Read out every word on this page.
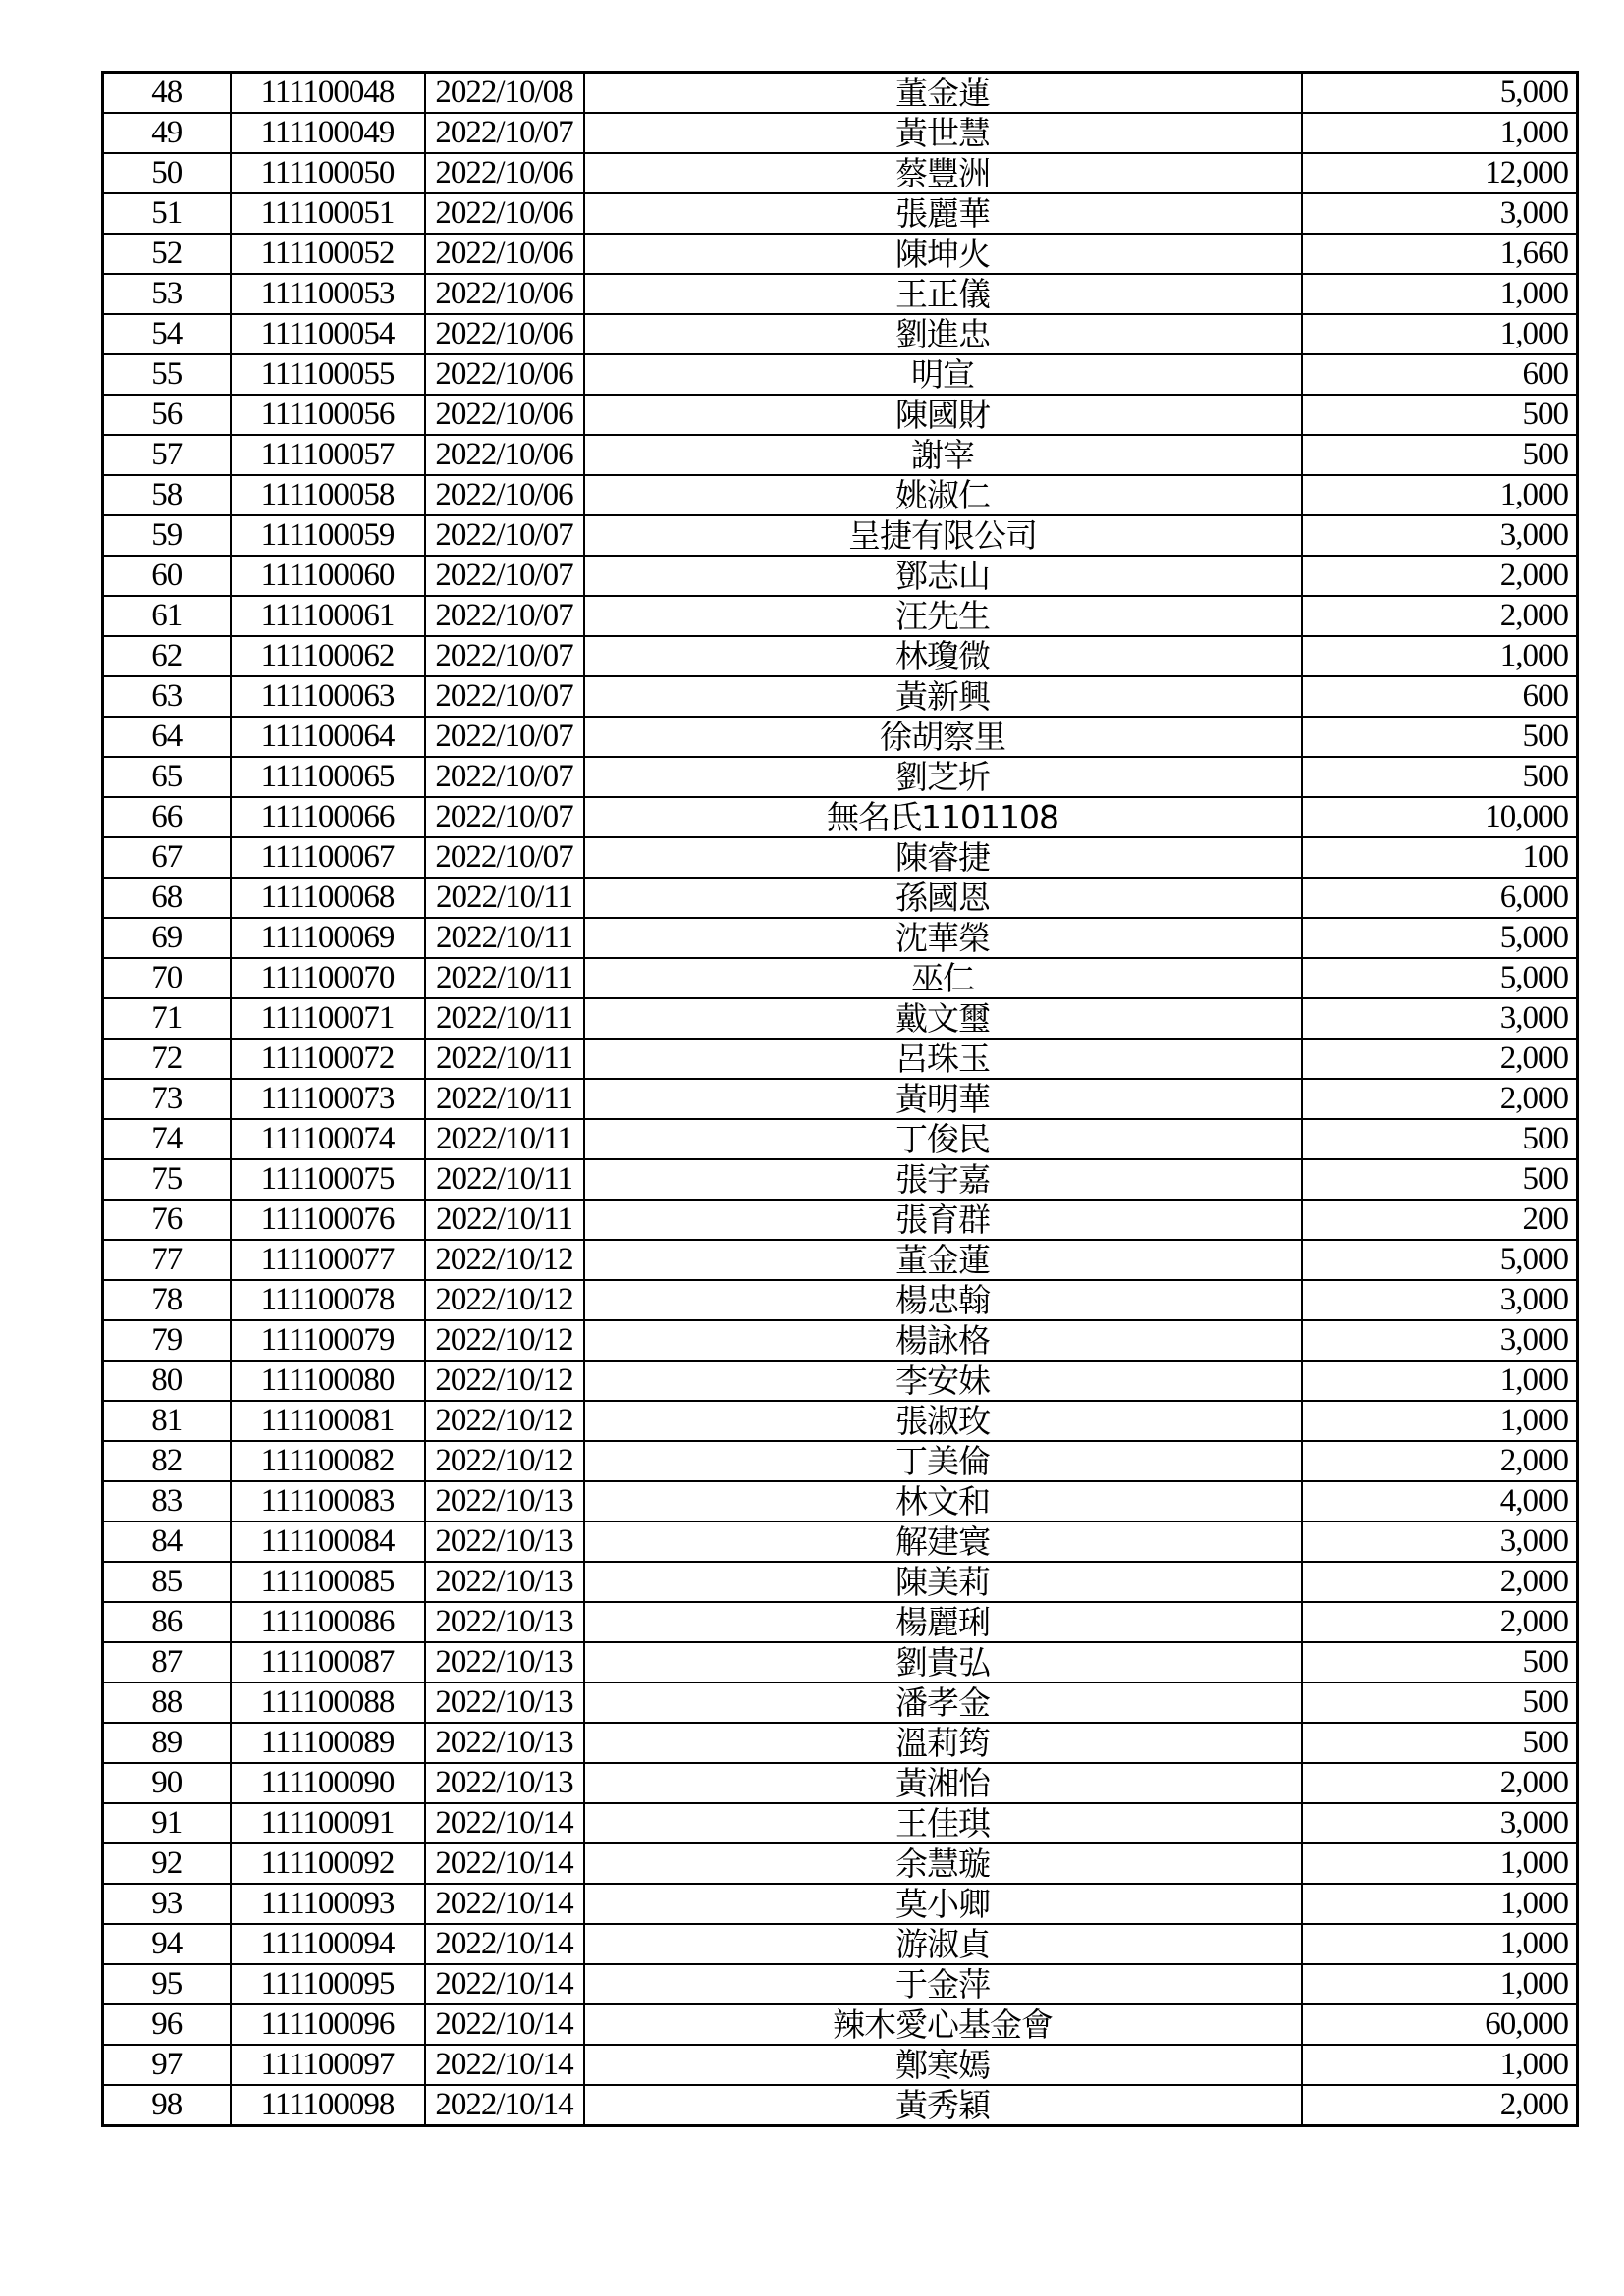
48	111100048	2022/10/08	董金蓮	5,000
49	111100049	2022/10/07	黃世慧	1,000
50	111100050	2022/10/06	蔡豐洲	12,000
51	111100051	2022/10/06	張麗華	3,000
52	111100052	2022/10/06	陳坤火	1,660
53	111100053	2022/10/06	王正儀	1,000
54	111100054	2022/10/06	劉進忠	1,000
55	111100055	2022/10/06	明宣	600
56	111100056	2022/10/06	陳國財	500
57	111100057	2022/10/06	謝宰	500
58	111100058	2022/10/06	姚淑仁	1,000
59	111100059	2022/10/07	呈捷有限公司	3,000
60	111100060	2022/10/07	鄧志山	2,000
61	111100061	2022/10/07	汪先生	2,000
62	111100062	2022/10/07	林瓊微	1,000
63	111100063	2022/10/07	黃新興	600
64	111100064	2022/10/07	徐胡察里	500
65	111100065	2022/10/07	劉芝圻	500
66	111100066	2022/10/07	無名氏1101108	10,000
67	111100067	2022/10/07	陳睿捷	100
68	111100068	2022/10/11	孫國恩	6,000
69	111100069	2022/10/11	沈華榮	5,000
70	111100070	2022/10/11	巫仁	5,000
71	111100071	2022/10/11	戴文璽	3,000
72	111100072	2022/10/11	呂珠玉	2,000
73	111100073	2022/10/11	黃明華	2,000
74	111100074	2022/10/11	丁俊民	500
75	111100075	2022/10/11	張宇嘉	500
76	111100076	2022/10/11	張育群	200
77	111100077	2022/10/12	董金蓮	5,000
78	111100078	2022/10/12	楊忠翰	3,000
79	111100079	2022/10/12	楊詠格	3,000
80	111100080	2022/10/12	李安妹	1,000
81	111100081	2022/10/12	張淑玫	1,000
82	111100082	2022/10/12	丁美倫	2,000
83	111100083	2022/10/13	林文和	4,000
84	111100084	2022/10/13	解建寰	3,000
85	111100085	2022/10/13	陳美莉	2,000
86	111100086	2022/10/13	楊麗琍	2,000
87	111100087	2022/10/13	劉貴弘	500
88	111100088	2022/10/13	潘孝金	500
89	111100089	2022/10/13	溫莉筠	500
90	111100090	2022/10/13	黃湘怡	2,000
91	111100091	2022/10/14	王佳琪	3,000
92	111100092	2022/10/14	余慧璇	1,000
93	111100093	2022/10/14	莫小卿	1,000
94	111100094	2022/10/14	游淑貞	1,000
95	111100095	2022/10/14	于金萍	1,000
96	111100096	2022/10/14	辣木愛心基金會	60,000
97	111100097	2022/10/14	鄭寒嫣	1,000
98	111100098	2022/10/14	黃秀穎	2,000
